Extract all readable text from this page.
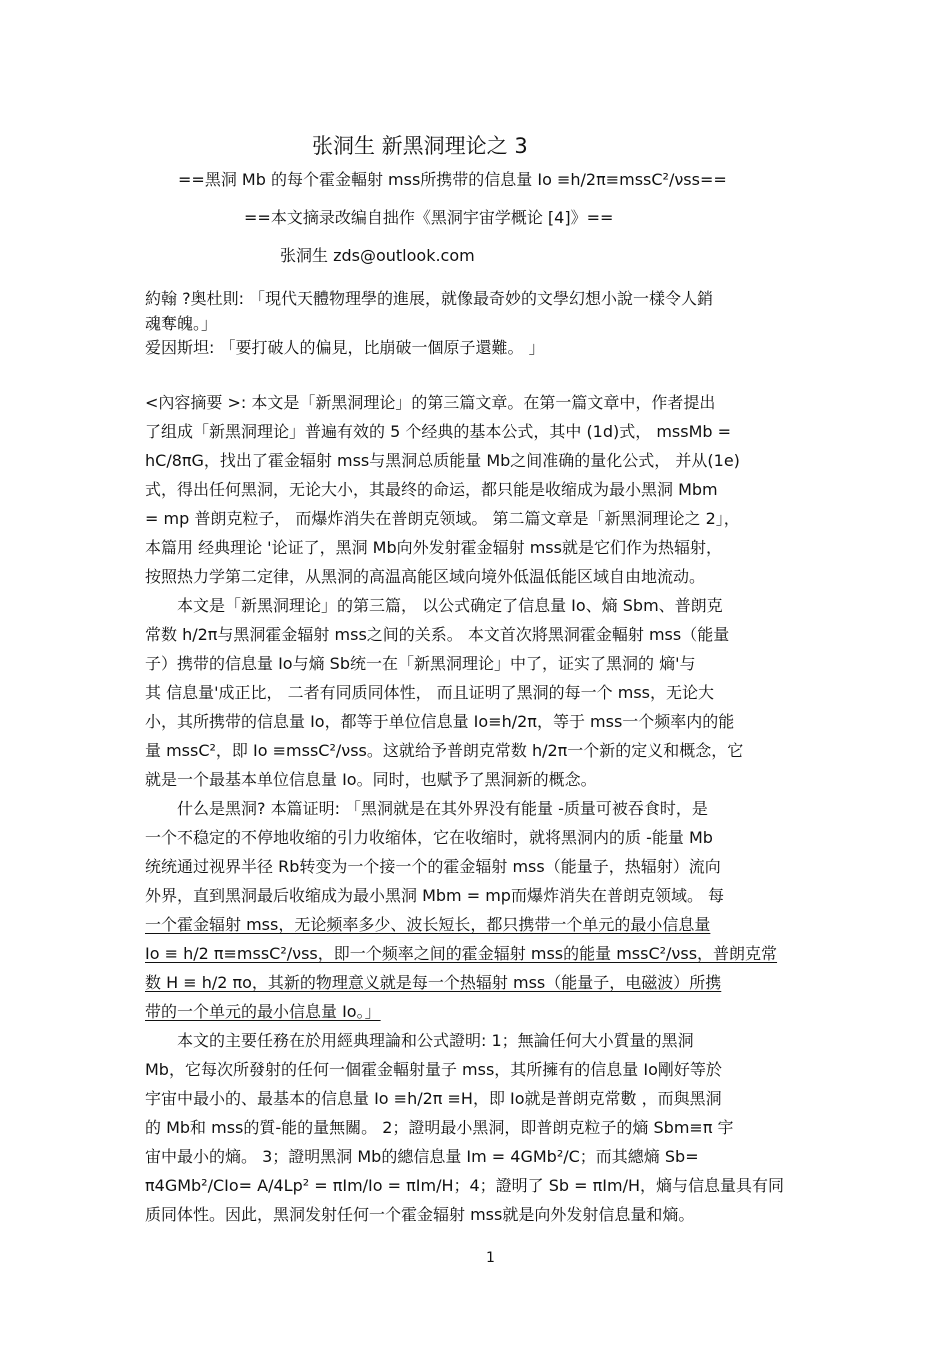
张洞生 新黑洞理论之 3
==黑洞 Mb 的每个霍金輻射 mss所携带的信息量 Io ≡h/2π≡mssC²/νss==
==本文摘录改编自拙作《黑洞宇宙学概论 [4]》==
张洞生 zds@outlook.com
約翰 ?奥杜則: 「現代天體物理學的進展，就像最奇妙的文學幻想小說一樣令人銷
魂奪魄。」
爱因斯坦: 「要打破人的偏見，比崩破一個原子還難。 」
<內容摘要 >: 本文是「新黑洞理论」的第三篇文章。在第一篇文章中，作者提出
了组成「新黑洞理论」普遍有效的 5 个经典的基本公式，其中 (1d)式， mssMb =
hC/8πG，找出了霍金辐射 mss与黑洞总质能量 Mb之间准确的量化公式， 并从(1e)
式，得出任何黑洞，无论大小，其最终的命运，都只能是收缩成为最小黑洞 Mbm
= mp 普朗克粒子， 而爆炸消失在普朗克领域。 第二篇文章是「新黑洞理论之 2」，
本篇用 经典理论 '论证了，黑洞 Mb向外发射霍金辐射 mss就是它们作为热辐射，
按照热力学第二定律，从黑洞的高温高能区域向境外低温低能区域自由地流动。
本文是「新黑洞理论」的第三篇， 以公式确定了信息量 Io、熵 Sbm、普朗克
常数 h/2π与黑洞霍金辐射 mss之间的关系。 本文首次將黑洞霍金輻射 mss（能量
子）携带的信息量 Io与熵 Sb统一在「新黑洞理论」中了，证实了黑洞的 熵'与
其 信息量'成正比， 二者有同质同体性， 而且证明了黑洞的每一个 mss，无论大
小，其所携带的信息量 Io，都等于单位信息量 Io≡h/2π，等于 mss一个频率内的能
量 mssC²，即 Io ≡mssC²/νss。这就给予普朗克常数 h/2π一个新的定义和概念，它
就是一个最基本单位信息量 Io。同时，也赋予了黑洞新的概念。
什么是黑洞? 本篇证明: 「黑洞就是在其外界没有能量 -质量可被吞食时，是
一个不稳定的不停地收缩的引力收缩体，它在收缩时，就将黑洞内的质 -能量 Mb
统统通过视界半径 Rb转变为一个接一个的霍金辐射 mss（能量子，热辐射）流向
外界，直到黑洞最后收缩成为最小黑洞 Mbm = mp而爆炸消失在普朗克领域。 每
一个霍金辐射 mss，无论频率多少、波长短长，都只携带一个单元的最小信息量
Io ≡ h/2 π≡mssC²/νss，即一个频率之间的霍金辐射 mss的能量 mssC²/νss，普朗克常
数 H ≡ h/2 πo，其新的物理意义就是每一个热辐射 mss（能量子，电磁波）所携
带的一个单元的最小信息量 Io。」
本文的主要任務在於用經典理論和公式證明: 1；無論任何大小質量的黑洞
Mb，它每次所發射的任何一個霍金輻射量子 mss，其所擁有的信息量 Io剛好等於
宇宙中最小的、最基本的信息量 Io ≡h/2π ≡H，即 Io就是普朗克常數 ，而與黑洞
的 Mb和 mss的質-能的量無關。 2；證明最小黑洞，即普朗克粒子的熵 Sbm≡π 宇
宙中最小的熵。 3；證明黑洞 Mb的總信息量 Im = 4GMb²/C；而其總熵 Sb=
π4GMb²/CIo= A/4Lp² = πIm/Io = πIm/H；4；證明了 Sb = πIm/H，熵与信息量具有同
质同体性。因此，黑洞发射任何一个霍金辐射 mss就是向外发射信息量和熵。
1
